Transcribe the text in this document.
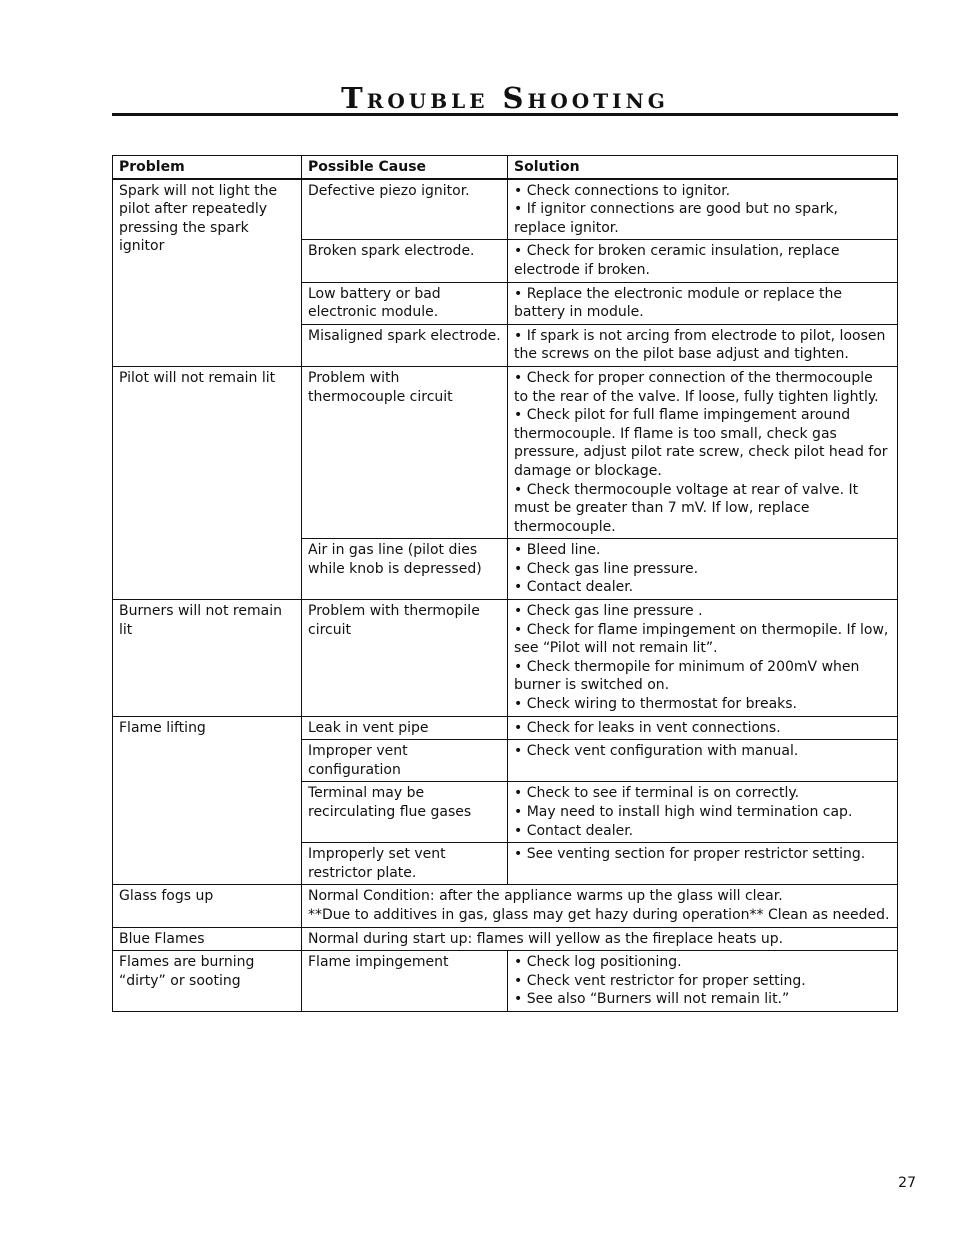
Trouble Shooting
Problem	Possible Cause	Solution
Spark will not light the pilot after repeatedly pressing the spark ignitor	Defective piezo ignitor.	• Check connections to ignitor.
• If ignitor connections are good but no spark, replace ignitor.

	Broken spark electrode.	• Check for broken ceramic insulation, replace electrode if broken.

	Low battery or bad electronic module.	• Replace the electronic module or replace the battery in module.

	Misaligned spark electrode.	• If spark is not arcing from electrode to pilot, loosen the screws on the pilot base adjust and tighten.

Pilot will not remain lit	Problem with thermocouple circuit	• Check for proper connection of the thermocouple to the rear of the valve. If loose, fully tighten lightly.
• Check pilot for full flame impingement around thermocouple. If flame is too small, check gas pressure, adjust pilot rate screw, check pilot head for damage or blockage.
• Check thermocouple voltage at rear of valve. It must be greater than 7 mV. If low, replace thermocouple.

	Air in gas line (pilot dies while knob is depressed)	• Bleed line.
• Check gas line pressure.
• Contact dealer.

Burners will not remain lit	Problem with thermopile circuit	• Check gas line pressure .
• Check for flame impingement on thermopile. If low, see “Pilot will not remain lit”.
• Check thermopile for minimum of 200mV when burner is switched on.
• Check wiring to thermostat for breaks.

Flame lifting	Leak in vent pipe	• Check for leaks in vent connections.

	Improper vent configuration	• Check vent configuration with manual.

	Terminal may be recirculating flue gases	• Check to see if terminal is on correctly.
• May need to install high wind termination cap.
• Contact dealer.

	Improperly set vent restrictor plate.	• See venting section for proper restrictor setting.

Glass fogs up	Normal Condition: after the appliance warms up the glass will clear.
**Due to additives in gas, glass may get hazy during operation** Clean as needed.	

Blue Flames	Normal during start up: flames will yellow as the fireplace heats up.	

Flames are burning “dirty” or sooting	Flame impingement	• Check log positioning.
• Check vent restrictor for proper setting.
• See also “Burners will not remain lit.”
27
